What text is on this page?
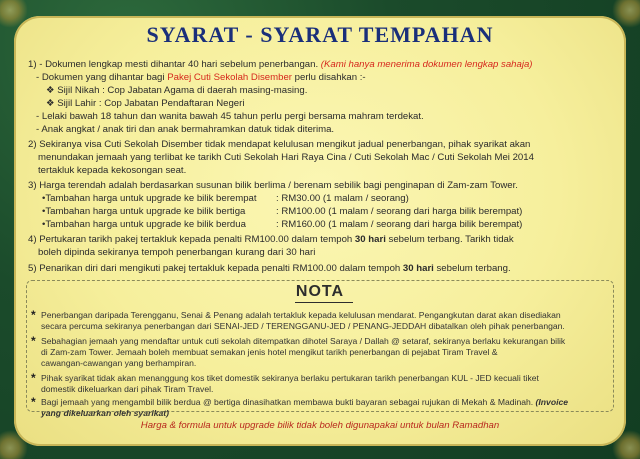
SYARAT - SYARAT TEMPAHAN
1) - Dokumen lengkap mesti dihantar 40 hari sebelum penerbangan. (Kami hanya menerima dokumen lengkap sahaja)
- Dokumen yang dihantar bagi Pakej Cuti Sekolah Disember perlu disahkan :-
❖ Sijil Nikah : Cop Jabatan Agama di daerah masing-masing.
❖ Sijil Lahir : Cop Jabatan Pendaftaran Negeri
- Lelaki bawah 18 tahun dan wanita bawah 45 tahun perlu pergi bersama mahram terdekat.
- Anak angkat / anak tiri dan anak bermahramkan datuk tidak diterima.
2) Sekiranya visa Cuti Sekolah Disember tidak mendapat kelulusan mengikut jadual penerbangan, pihak syarikat akan
menundakan jemaah yang terlibat ke tarikh Cuti Sekolah Hari Raya Cina / Cuti Sekolah Mac / Cuti Sekolah Mei 2014
tertakluk kepada kekosongan seat.
3) Harga terendah adalah berdasarkan susunan bilik berlima / berenam sebilik bagi penginapan di Zam-zam Tower.
•Tambahan harga untuk upgrade ke bilik berempat : RM30.00 (1 malam / seorang)
•Tambahan harga untuk upgrade ke bilik bertiga	: RM100.00 (1 malam / seorang dari harga bilik berempat)
•Tambahan harga untuk upgrade ke bilik berdua	: RM160.00 (1 malam / seorang dari harga bilik berempat)
4) Pertukaran tarikh pakej tertakluk kepada penalti RM100.00 dalam tempoh 30 hari sebelum terbang. Tarikh tidak
boleh dipinda sekiranya tempoh penerbangan kurang dari 30 hari
5) Penarikan diri dari mengikuti pakej tertakluk kepada penalti RM100.00 dalam tempoh 30 hari sebelum terbang.
NOTA
* Penerbangan daripada Terengganu, Senai & Penang adalah tertakluk kepada kelulusan mendarat. Pengangkutan darat akan disediakan
secara percuma sekiranya penerbangan dari SENAI-JED / TERENGGANU-JED / PENANG-JEDDAH dibatalkan oleh pihak penerbangan.
* Sebahagian jemaah yang mendaftar untuk cuti sekolah ditempatkan dihotel Saraya / Dallah @ setaraf, sekiranya berlaku kekurangan bilik
di Zam-zam Tower. Jemaah boleh membuat semakan jenis hotel mengikut tarikh penerbangan di pejabat Tiram Travel &
cawangan-cawangan yang berhampiran.
* Pihak syarikat tidak akan menanggung kos tiket domestik sekiranya berlaku pertukaran tarikh penerbangan KUL - JED kecuali tiket
domestik dikeluarkan dari pihak Tiram Travel.
* Bagi jemaah yang mengambil bilik berdua @ bertiga dinasihatkan membawa bukti bayaran sebagai rujukan di Mekah & Madinah. (Invoice
yang dikeluarkan oleh syarikat)
Harga & formula untuk upgrade bilik tidak boleh digunapakai untuk bulan Ramadhan
